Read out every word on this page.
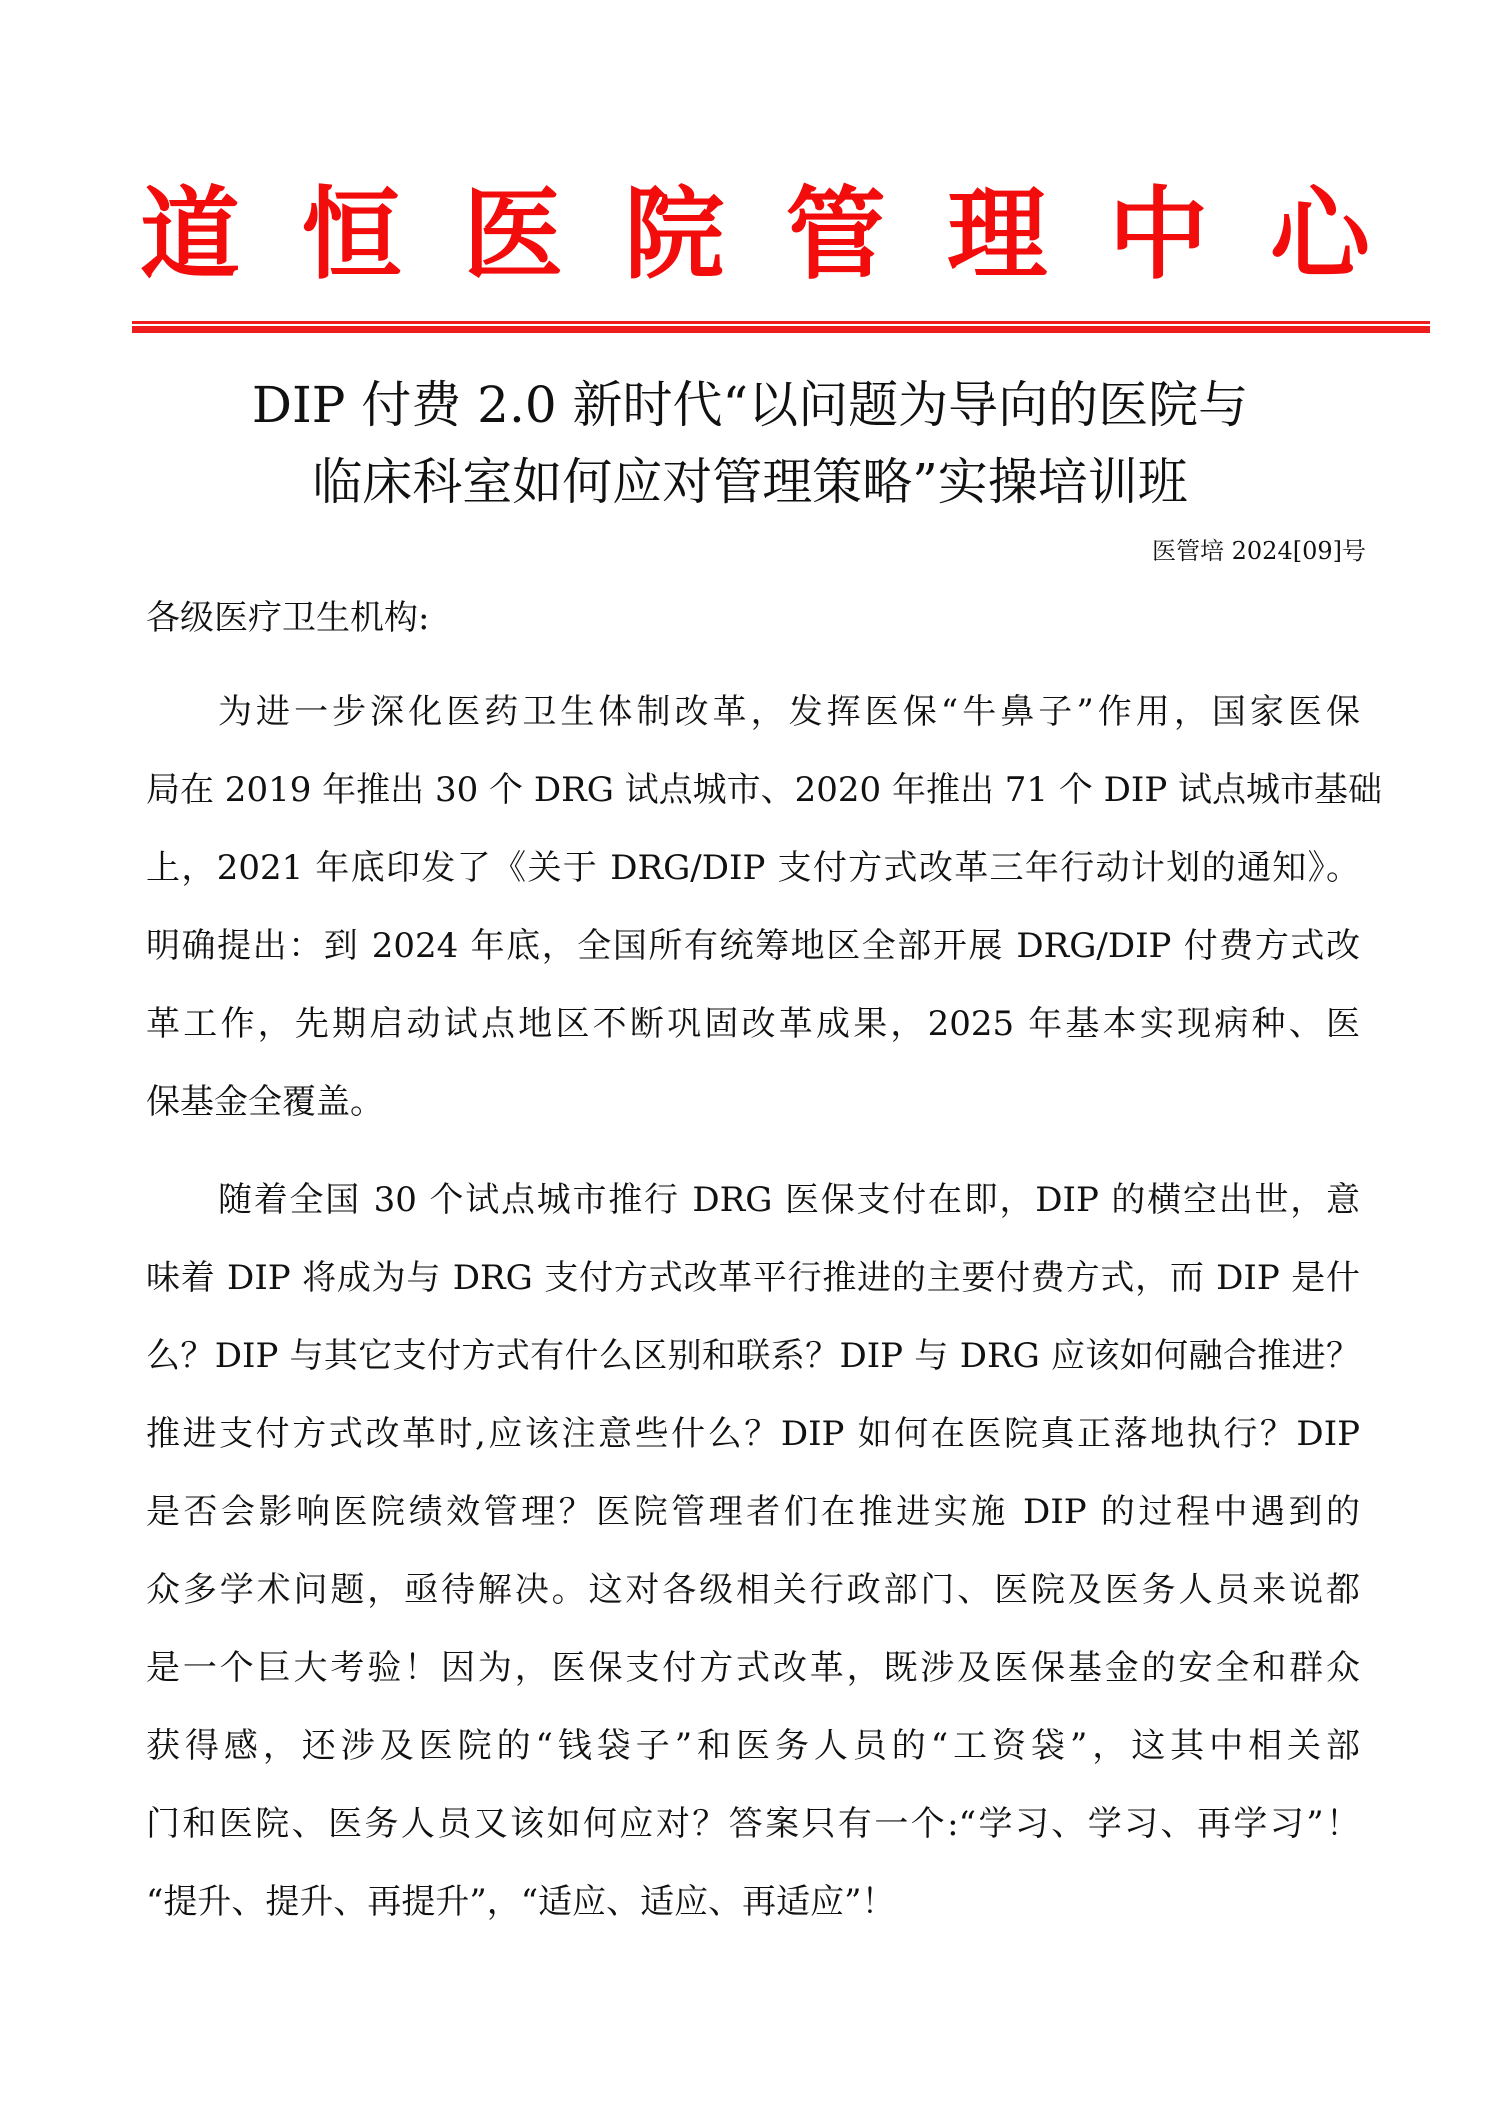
道 恒 医 院 管 理 中 心
DIP 付费 2.0 新时代“以问题为导向的医院与
临床科室如何应对管理策略”实操培训班
医管培 2024[09]号
各级医疗卫生机构:
为进一步深化医药卫生体制改革，发挥医保“牛鼻子”作用，国家医保
局在 2019 年推出 30 个 DRG 试点城市、2020 年推出 71 个 DIP 试点城市基础
上，2021 年底印发了《关于 DRG/DIP 支付方式改革三年行动计划的通知》。
明确提出：到 2024 年底，全国所有统筹地区全部开展 DRG/DIP 付费方式改
革工作，先期启动试点地区不断巩固改革成果，2025 年基本实现病种、医
保基金全覆盖。
随着全国 30 个试点城市推行 DRG 医保支付在即，DIP 的横空出世，意
味着 DIP 将成为与 DRG 支付方式改革平行推进的主要付费方式，而 DIP 是什
么？DIP 与其它支付方式有什么区别和联系？DIP 与 DRG 应该如何融合推进？
推进支付方式改革时,应该注意些什么？DIP 如何在医院真正落地执行？DIP
是否会影响医院绩效管理？医院管理者们在推进实施 DIP 的过程中遇到的
众多学术问题，亟待解决。这对各级相关行政部门、医院及医务人员来说都
是一个巨大考验！因为，医保支付方式改革，既涉及医保基金的安全和群众
获得感，还涉及医院的“钱袋子”和医务人员的“工资袋”，这其中相关部
门和医院、医务人员又该如何应对？答案只有一个:“学习、学习、再学习”！
“提升、提升、再提升”，“适应、适应、再适应”！
